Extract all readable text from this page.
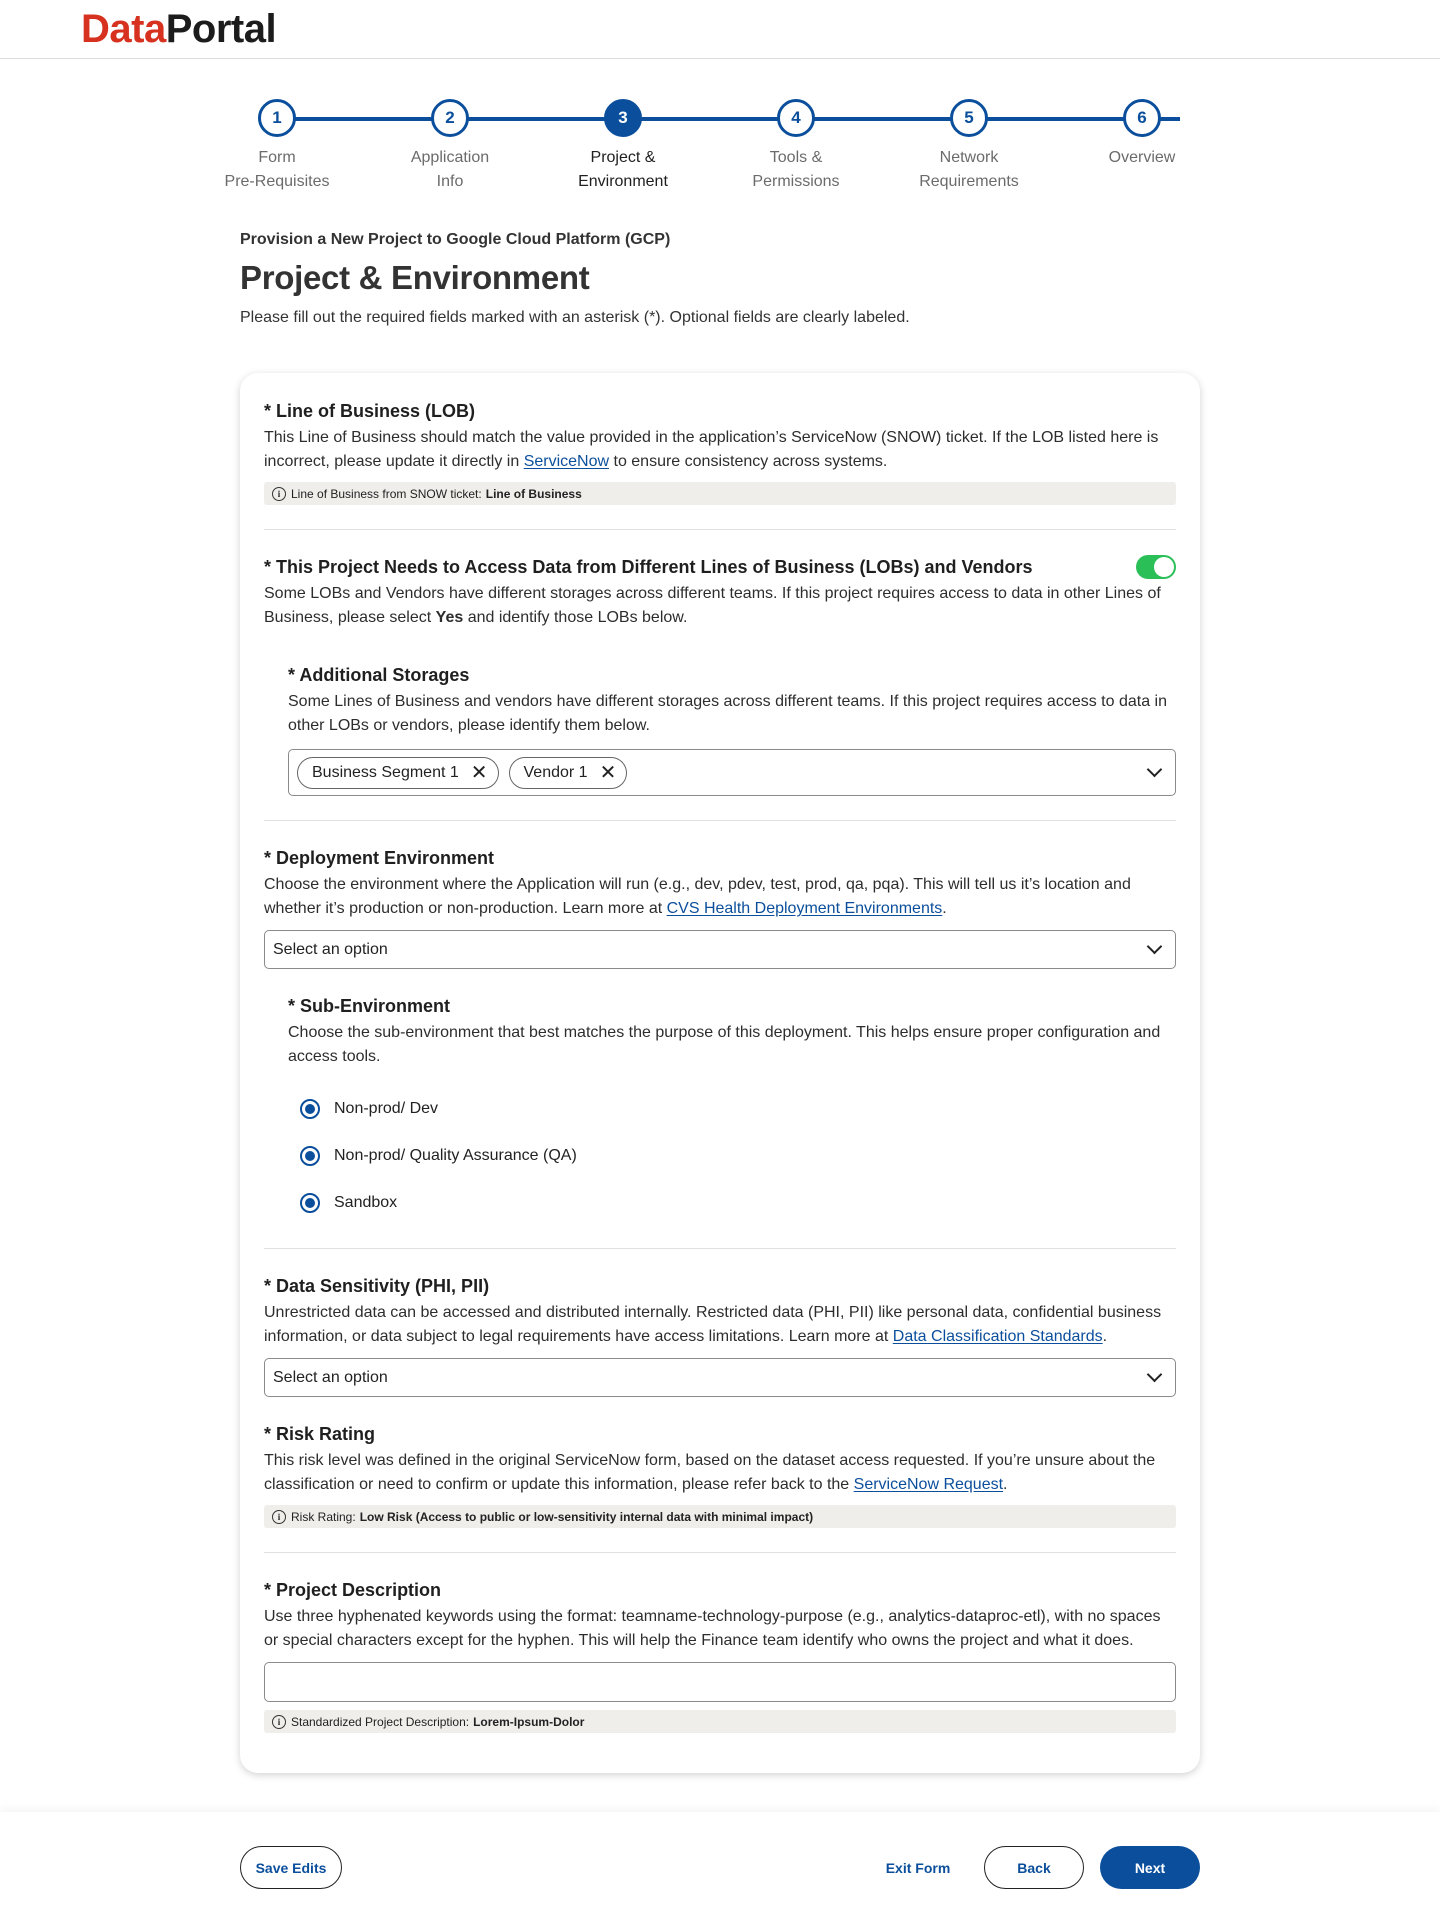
DataPortal
1
Form
Pre-Requisites
2
Application
Info
3
Project &
Environment
4
Tools &
Permissions
5
Network
Requirements
6
Overview
Provision a New Project to Google Cloud Platform (GCP)
Project & Environment
Please fill out the required fields marked with an asterisk (*). Optional fields are clearly labeled.
* Line of Business (LOB)
This Line of Business should match the value provided in the application’s ServiceNow (SNOW) ticket. If the LOB listed here is incorrect, please update it directly in ServiceNow to ensure consistency across systems.
i Line of Business from SNOW ticket: Line of Business
* This Project Needs to Access Data from Different Lines of Business (LOBs) and Vendors
Some LOBs and Vendors have different storages across different teams. If this project requires access to data in other Lines of Business, please select Yes and identify those LOBs below.
* Additional Storages
Some Lines of Business and vendors have different storages across different teams. If this project requires access to data in other LOBs or vendors, please identify them below.
Business Segment 1 ✕ Vendor 1 ✕
* Deployment Environment
Choose the environment where the Application will run (e.g., dev, pdev, test, prod, qa, pqa). This will tell us it’s location and whether it’s production or non-production. Learn more at CVS Health Deployment Environments.
Select an option
* Sub-Environment
Choose the sub-environment that best matches the purpose of this deployment. This helps ensure proper configuration and access tools.
Non-prod/ Dev
Non-prod/ Quality Assurance (QA)
Sandbox
* Data Sensitivity (PHI, PII)
Unrestricted data can be accessed and distributed internally. Restricted data (PHI, PII) like personal data, confidential business information, or data subject to legal requirements have access limitations. Learn more at Data Classification Standards.
Select an option
* Risk Rating
This risk level was defined in the original ServiceNow form, based on the dataset access requested. If you’re unsure about the classification or need to confirm or update this information, please refer back to the ServiceNow Request.
i Risk Rating: Low Risk (Access to public or low-sensitivity internal data with minimal impact)
* Project Description
Use three hyphenated keywords using the format: teamname-technology-purpose (e.g., analytics-dataproc-etl), with no spaces or special characters except for the hyphen. This will help the Finance team identify who owns the project and what it does.
i Standardized Project Description: Lorem-Ipsum-Dolor
Save Edits	Exit Form	Back	Next
